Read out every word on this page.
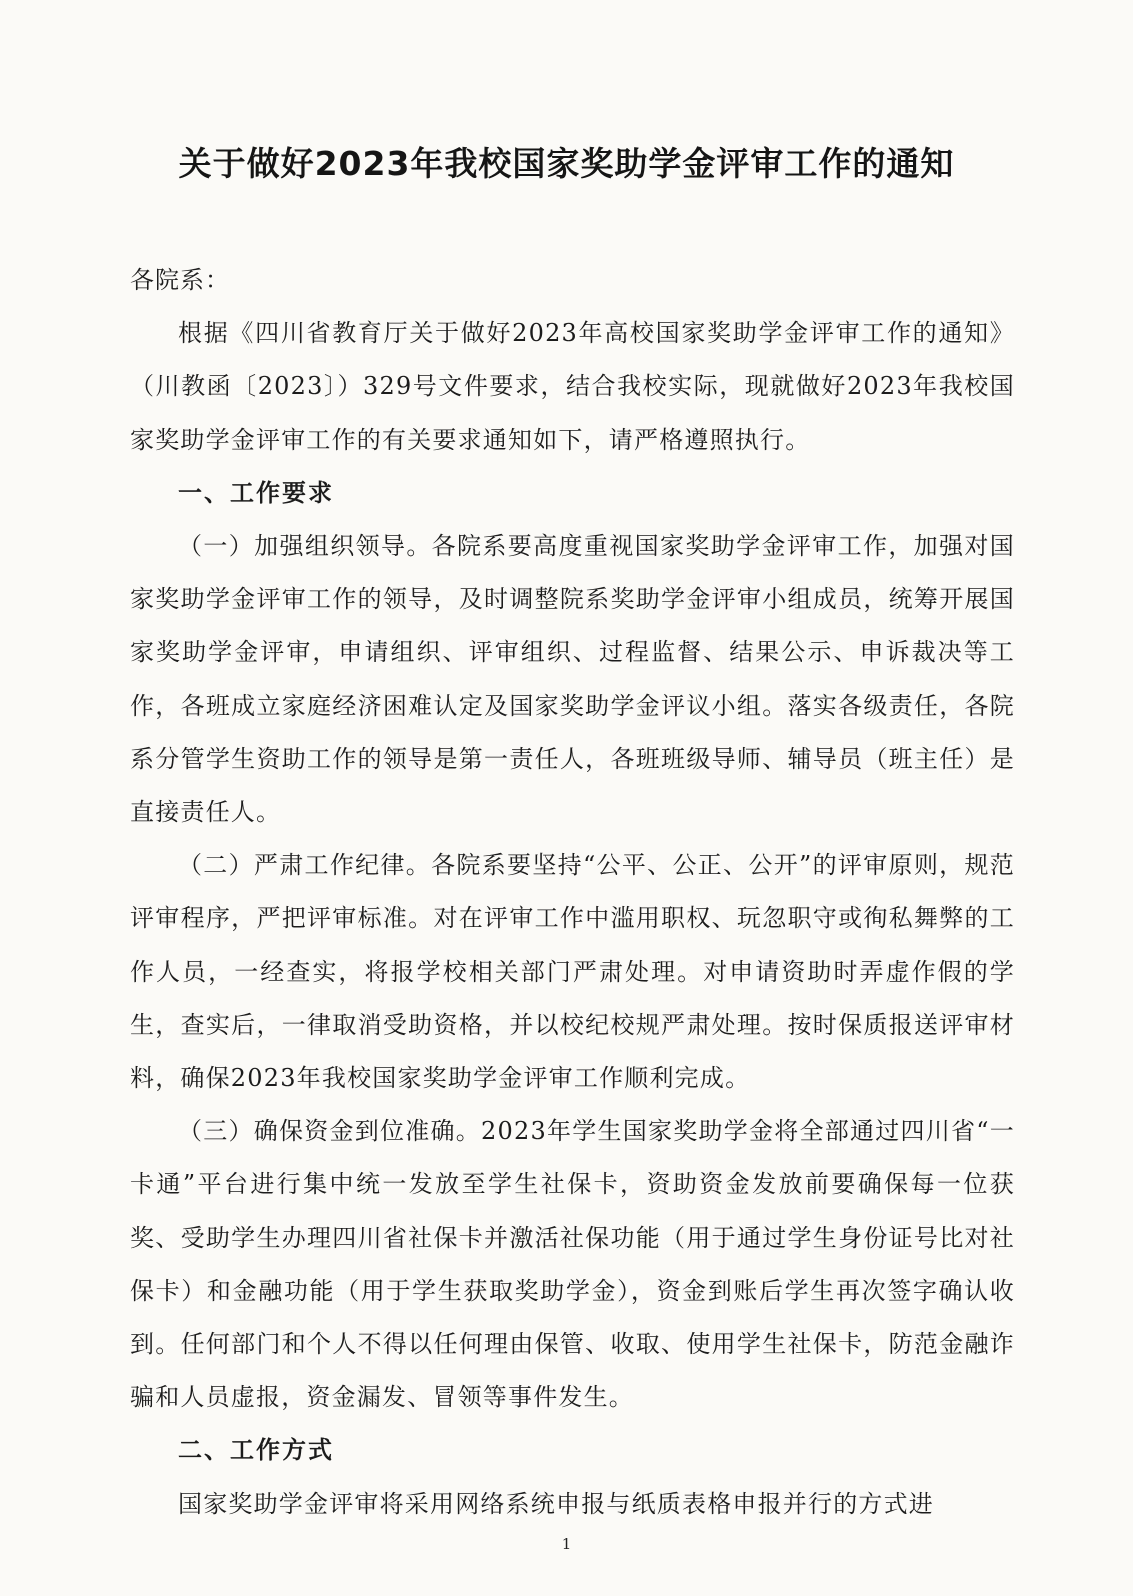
关于做好2023年我校国家奖助学金评审工作的通知

各院系：

根据《四川省教育厅关于做好2023年高校国家奖助学金评审工作的通知》（川教函〔2023〕）329号文件要求，结合我校实际，现就做好2023年我校国家奖助学金评审工作的有关要求通知如下，请严格遵照执行。

一、工作要求

（一）加强组织领导。各院系要高度重视国家奖助学金评审工作，加强对国家奖助学金评审工作的领导，及时调整院系奖助学金评审小组成员，统筹开展国家奖助学金评审，申请组织、评审组织、过程监督、结果公示、申诉裁决等工作，各班成立家庭经济困难认定及国家奖助学金评议小组。落实各级责任，各院系分管学生资助工作的领导是第一责任人，各班班级导师、辅导员（班主任）是直接责任人。

（二）严肃工作纪律。各院系要坚持“公平、公正、公开”的评审原则，规范评审程序，严把评审标准。对在评审工作中滥用职权、玩忽职守或徇私舞弊的工作人员，一经查实，将报学校相关部门严肃处理。对申请资助时弄虚作假的学生，查实后，一律取消受助资格，并以校纪校规严肃处理。按时保质报送评审材料，确保2023年我校国家奖助学金评审工作顺利完成。

（三）确保资金到位准确。2023年学生国家奖助学金将全部通过四川省“一卡通”平台进行集中统一发放至学生社保卡，资助资金发放前要确保每一位获奖、受助学生办理四川省社保卡并激活社保功能（用于通过学生身份证号比对社保卡）和金融功能（用于学生获取奖助学金），资金到账后学生再次签字确认收到。任何部门和个人不得以任何理由保管、收取、使用学生社保卡，防范金融诈骗和人员虚报，资金漏发、冒领等事件发生。

二、工作方式

国家奖助学金评审将采用网络系统申报与纸质表格申报并行的方式进

1
